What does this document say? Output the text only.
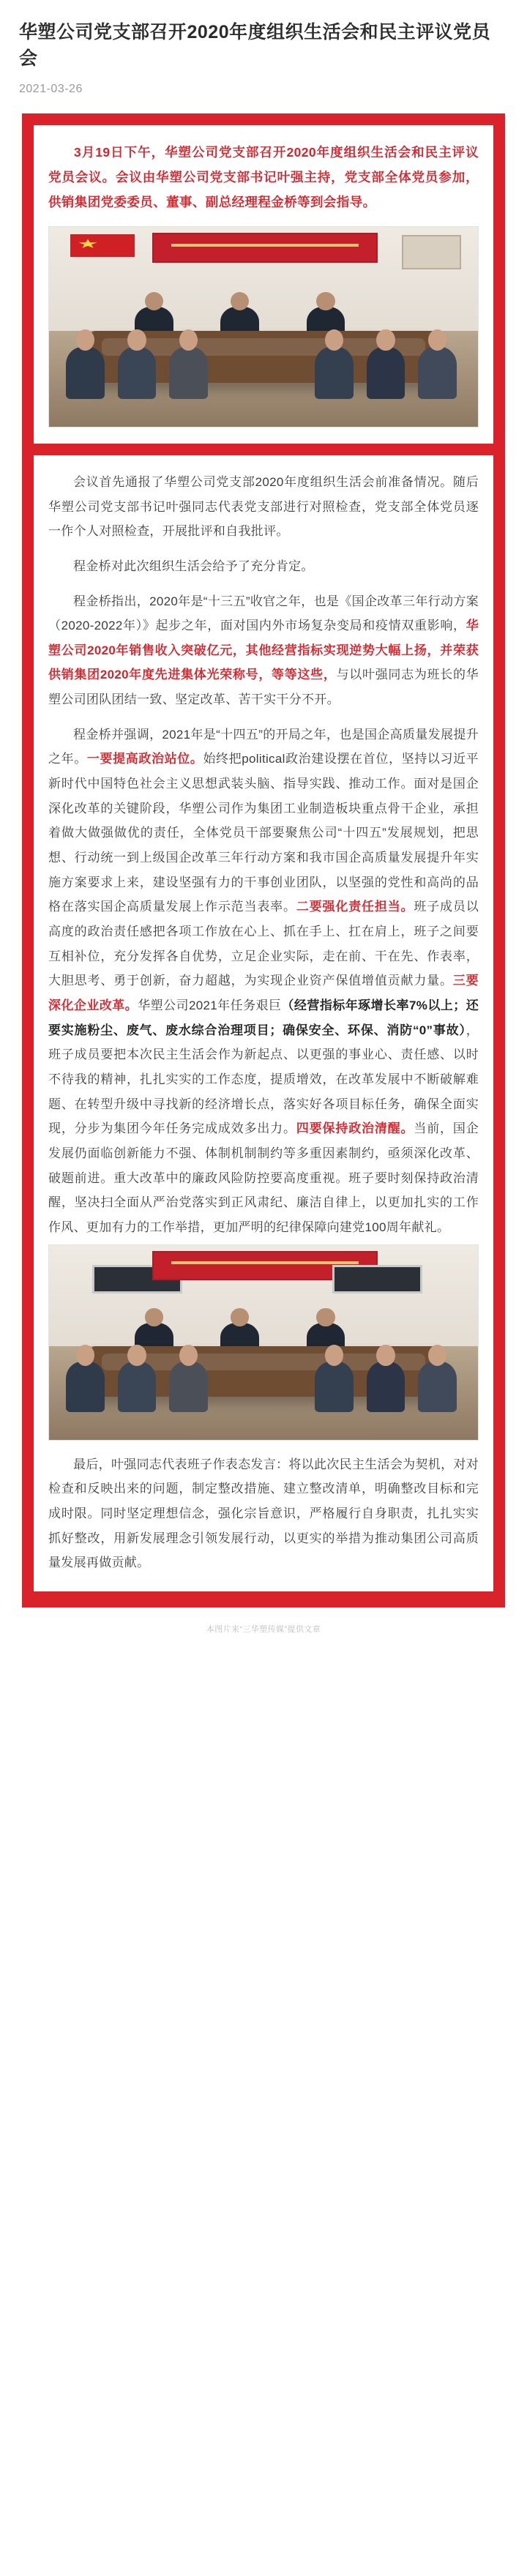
华塑公司党支部召开2020年度组织生活会和民主评议党员会
2021-03-26

3月19日下午，华塑公司党支部召开2020年度组织生活会和民主评议党员会议。会议由华塑公司党支部书记叶强主持，党支部全体党员参加，供销集团党委委员、董事、副总经理程金桥等到会指导。

会议首先通报了华塑公司党支部2020年度组织生活会前准备情况。随后华塑公司党支部书记叶强同志代表党支部进行对照检查，党支部全体党员逐一作个人对照检查，开展批评和自我批评。

程金桥对此次组织生活会给予了充分肯定。

程金桥指出，2020年是“十三五”收官之年，也是《国企改革三年行动方案（2020-2022年）》起步之年，面对国内外市场复杂变局和疫情双重影响，华塑公司2020年销售收入突破亿元，其他经营指标实现逆势大幅上扬，并荣获供销集团2020年度先进集体光荣称号，等等这些，与以叶强同志为班长的华塑公司团队团结一致、坚定改革、苦干实干分不开。

程金桥并强调，2021年是“十四五”的开局之年，也是国企高质量发展提升之年。一要提高政治站位。始终把political政治建设摆在首位，坚持以习近平新时代中国特色社会主义思想武装头脑、指导实践、推动工作。面对是国企深化改革的关键阶段，华塑公司作为集团工业制造板块重点骨干企业，承担着做大做强做优的责任，全体党员干部要聚焦公司“十四五”发展规划，把思想、行动统一到上级国企改革三年行动方案和我市国企高质量发展提升年实施方案要求上来，建设坚强有力的干事创业团队，以坚强的党性和高尚的品格在落实国企高质量发展上作示范当表率。二要强化责任担当。班子成员以高度的政治责任感把各项工作放在心上、抓在手上、扛在肩上，班子之间要互相补位，充分发挥各自优势，立足企业实际，走在前、干在先、作表率，大胆思考、勇于创新，奋力超越，为实现企业资产保值增值贡献力量。三要深化企业改革。华塑公司2021年任务艰巨（经营指标年琢增长率7%以上；还要实施粉尘、废气、废水综合治理项目；确保安全、环保、消防“0”事故），班子成员要把本次民主生活会作为新起点、以更强的事业心、责任感、以时不待我的精神，扎扎实实的工作态度，提质增效，在改革发展中不断破解难题、在转型升级中寻找新的经济增长点，落实好各项目标任务，确保全面实现，分步为集团今年任务完成成效多出力。四要保持政治清醒。当前，国企发展仍面临创新能力不强、体制机制制约等多重因素制约，亟须深化改革、破题前进。重大改革中的廉政风险防控要高度重视。班子要时刻保持政治清醒，坚决扫全面从严治党落实到正风肃纪、廉洁自律上，以更加扎实的工作作风、更加有力的工作举措，更加严明的纪律保障向建党100周年献礼。

最后，叶强同志代表班子作表态发言：将以此次民主生活会为契机，对对检查和反映出来的问题，制定整改措施、建立整改清单，明确整改目标和完成时限。同时坚定理想信念，强化宗旨意识，严格履行自身职责，扎扎实实抓好整改，用新发展理念引领发展行动，以更实的举措为推动集团公司高质量发展再做贡献。

本图片来“三华塑传媒”提供文章
